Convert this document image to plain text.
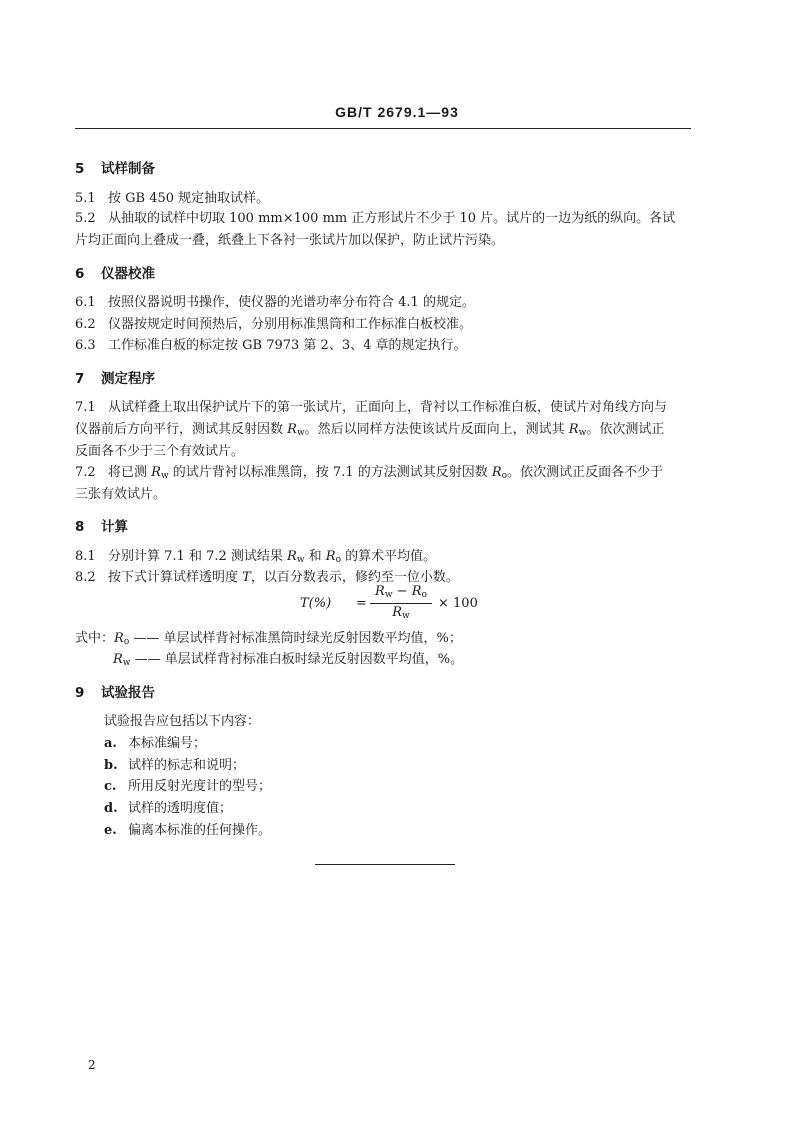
GB/T 2679.1—93
5 试样制备
5.1 按 GB 450 规定抽取试样。
5.2 从抽取的试样中切取 100 mm×100 mm 正方形试片不少于 10 片。试片的一边为纸的纵向。各试
片均正面向上叠成一叠，纸叠上下各衬一张试片加以保护，防止试片污染。
6 仪器校准
6.1 按照仪器说明书操作，使仪器的光谱功率分布符合 4.1 的规定。
6.2 仪器按规定时间预热后，分别用标准黑筒和工作标准白板校准。
6.3 工作标准白板的标定按 GB 7973 第 2、3、4 章的规定执行。
7 测定程序
7.1 从试样叠上取出保护试片下的第一张试片，正面向上，背衬以工作标准白板，使试片对角线方向与
仪器前后方向平行，测试其反射因数 $R_w$。然后以同样方法使该试片反面向上，测试其 $R_w$。依次测试正
反面各不少于三个有效试片。
7.2 将已测 $R_w$ 的试片背衬以标准黑筒，按 7.1 的方法测试其反射因数 $R_o$。依次测试正反面各不少于
三张有效试片。
8 计算
8.1 分别计算 7.1 和 7.2 测试结果 $R_w$ 和 $R_o$ 的算术平均值。
8.2 按下式计算试样透明度 T，以百分数表示，修约至一位小数。
T(%) =
$R_w - R_o$
$R_w$
× 100
式中：$R_o$ —— 单层试样背衬标准黑筒时绿光反射因数平均值，%；
$R_w$ —— 单层试样背衬标准白板时绿光反射因数平均值，%。
9 试验报告
试验报告应包括以下内容：
a. 本标准编号；
b. 试样的标志和说明；
c. 所用反射光度计的型号；
d. 试样的透明度值；
e. 偏离本标准的任何操作。
2
